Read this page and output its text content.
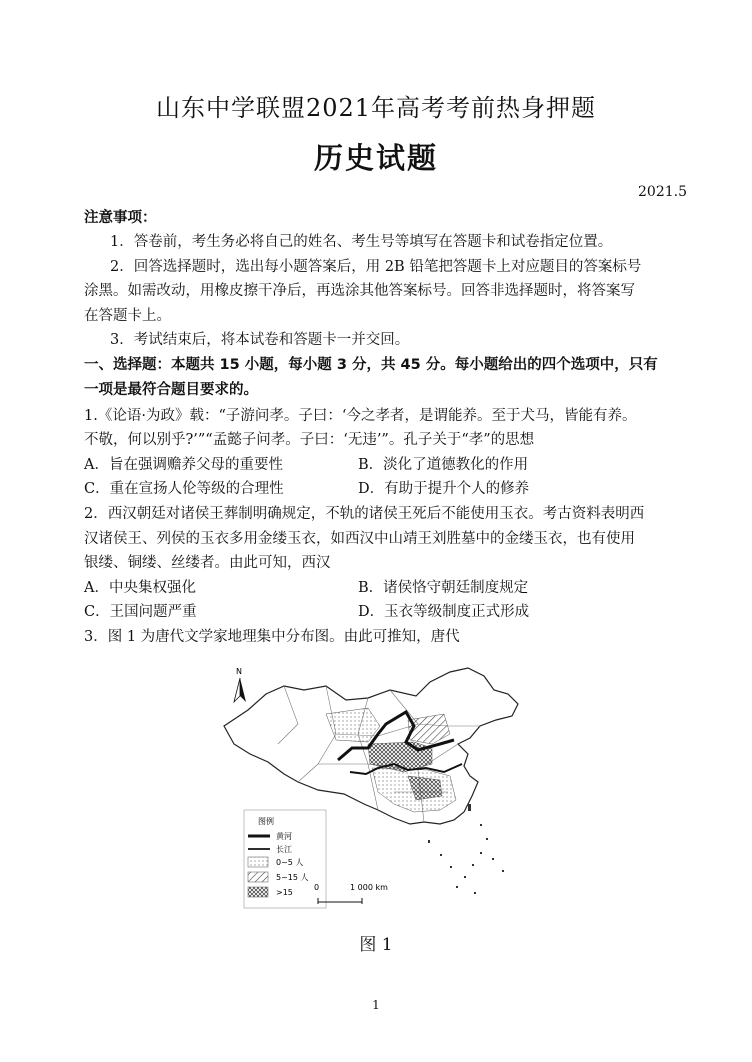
山东中学联盟2021年高考考前热身押题
历史试题
2021.5
注意事项：
1．答卷前，考生务必将自己的姓名、考生号等填写在答题卡和试卷指定位置。
2．回答选择题时，选出每小题答案后，用 2B 铅笔把答题卡上对应题目的答案标号
涂黑。如需改动，用橡皮擦干净后，再选涂其他答案标号。回答非选择题时，将答案写
在答题卡上。
3．考试结束后，将本试卷和答题卡一并交回。
一、选择题：本题共 15 小题，每小题 3 分，共 45 分。每小题给出的四个选项中，只有
一项是最符合题目要求的。
1.《论语·为政》载：“子游问孝。子曰：‘今之孝者，是谓能养。至于犬马，皆能有养。
不敬，何以别乎?’”“孟懿子问孝。子曰：‘无违’”。孔子关于“孝”的思想
A．旨在强调赡养父母的重要性	B．淡化了道德教化的作用
C．重在宣扬人伦等级的合理性	D．有助于提升个人的修养
2．西汉朝廷对诸侯王葬制明确规定，不轨的诸侯王死后不能使用玉衣。考古资料表明西
汉诸侯王、列侯的玉衣多用金缕玉衣，如西汉中山靖王刘胜墓中的金缕玉衣，也有使用
银缕、铜缕、丝缕者。由此可知，西汉
A．中央集权强化	B．诸侯恪守朝廷制度规定
C．王国问题严重	D．玉衣等级制度正式形成
3．图 1 为唐代文学家地理集中分布图。由此可推知，唐代
N
图例
黄河
长江
0~5 人
5~15 人
>15
0	1 000 km
图 1
1
